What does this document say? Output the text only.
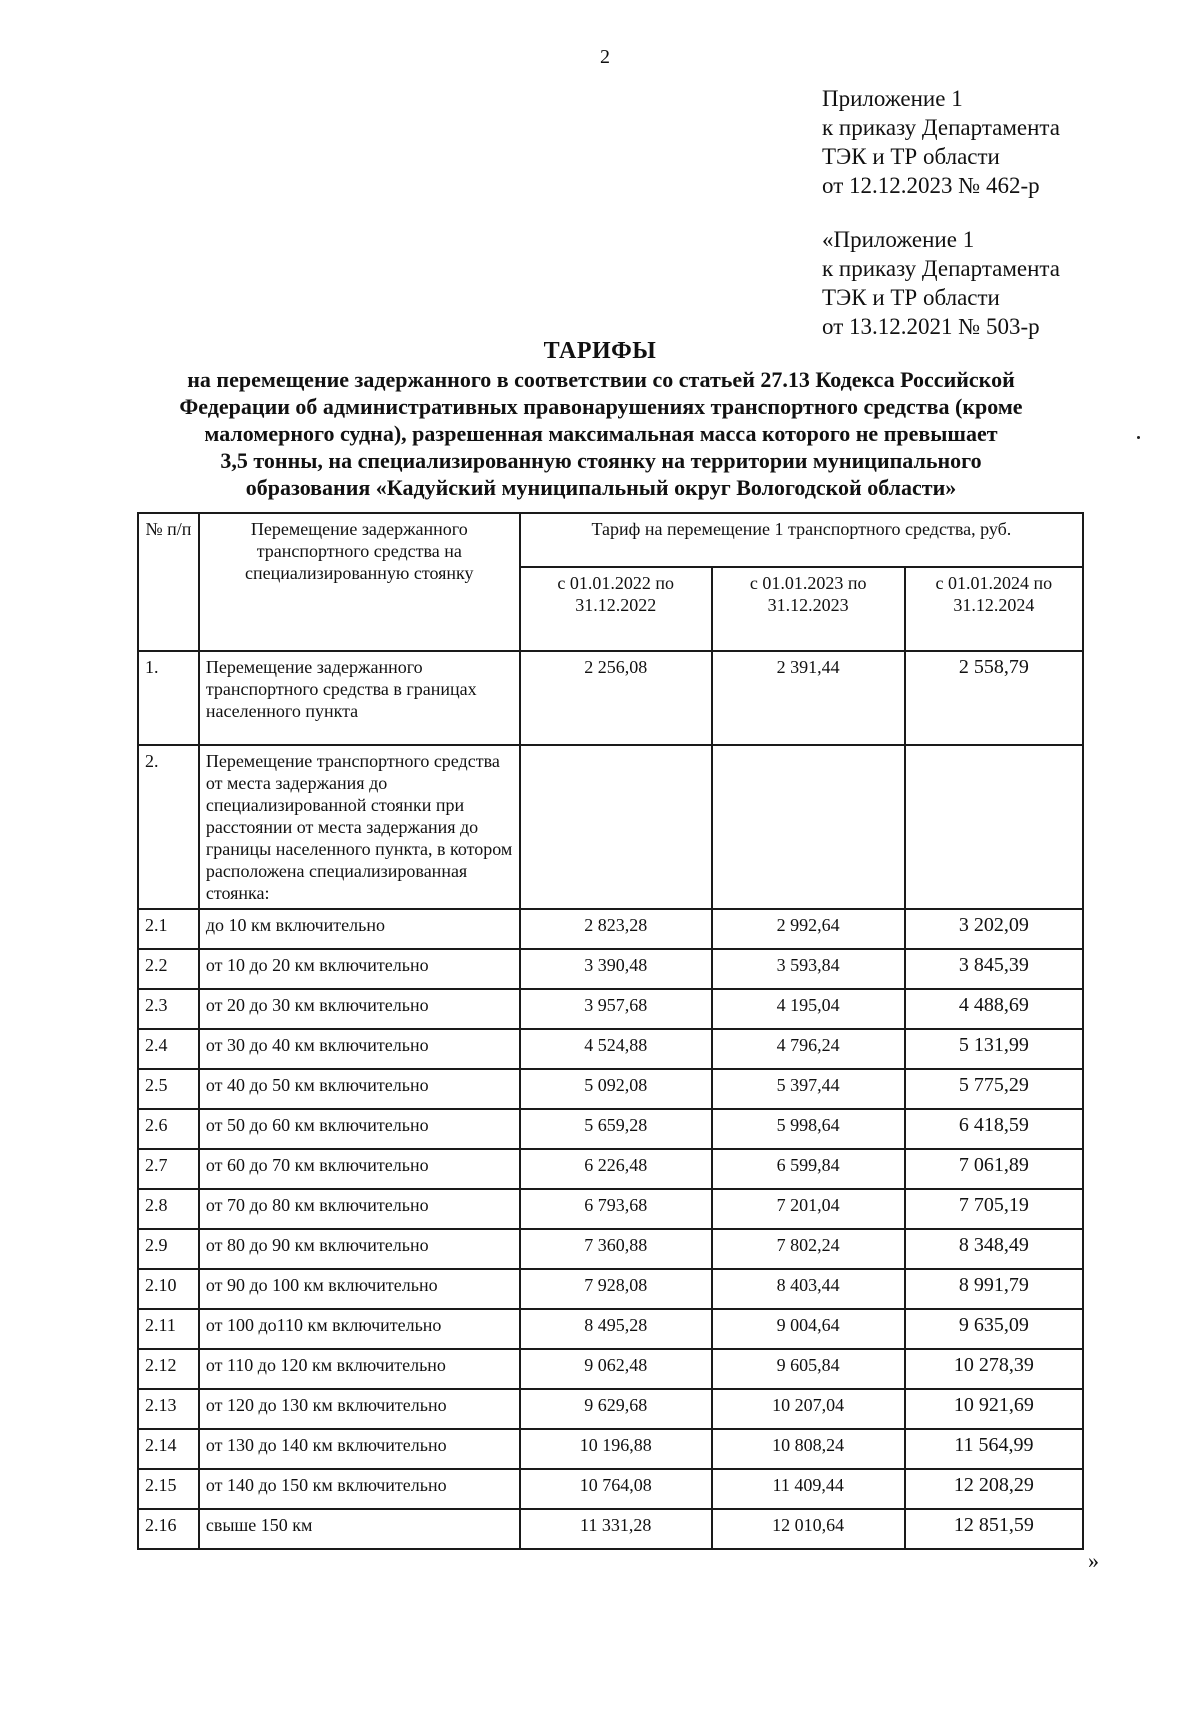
2
Приложение 1
к приказу Департамента
ТЭК и ТР области
от 12.12.2023 № 462-р
«Приложение 1
к приказу Департамента
ТЭК и ТР области
от 13.12.2021 № 503-р
ТАРИФЫ
на перемещение задержанного в соответствии со статьей 27.13 Кодекса Российской
Федерации об административных правонарушениях транспортного средства (кроме
маломерного судна), разрешенная максимальная масса которого не превышает
3,5 тонны, на специализированную стоянку на территории муниципального
образования «Кадуйский муниципальный округ Вологодской области»
№ п/п	Перемещение задержанного транспортного средства на специализированную стоянку	Тариф на перемещение 1 транспортного средства, руб.		
		с 01.01.2022 по 31.12.2022	с 01.01.2023 по 31.12.2023	с 01.01.2024 по 31.12.2024
1.	Перемещение задержанного транспортного средства в границах населенного пункта	2 256,08	2 391,44	2 558,79
2.	Перемещение транспортного средства от места задержания до специализированной стоянки при расстоянии от места задержания до границы населенного пункта, в котором расположена специализированная стоянка:			
2.1	до 10 км включительно	2 823,28	2 992,64	3 202,09
2.2	от 10 до 20 км включительно	3 390,48	3 593,84	3 845,39
2.3	от 20 до 30 км включительно	3 957,68	4 195,04	4 488,69
2.4	от 30 до 40 км включительно	4 524,88	4 796,24	5 131,99
2.5	от 40 до 50 км включительно	5 092,08	5 397,44	5 775,29
2.6	от 50 до 60 км включительно	5 659,28	5 998,64	6 418,59
2.7	от 60 до 70 км включительно	6 226,48	6 599,84	7 061,89
2.8	от 70 до 80 км включительно	6 793,68	7 201,04	7 705,19
2.9	от 80 до 90 км включительно	7 360,88	7 802,24	8 348,49
2.10	от 90 до 100 км включительно	7 928,08	8 403,44	8 991,79
2.11	от 100 до110 км включительно	8 495,28	9 004,64	9 635,09
2.12	от 110 до 120 км включительно	9 062,48	9 605,84	10 278,39
2.13	от 120 до 130 км включительно	9 629,68	10 207,04	10 921,69
2.14	от 130 до 140 км включительно	10 196,88	10 808,24	11 564,99
2.15	от 140 до 150 км включительно	10 764,08	11 409,44	12 208,29
2.16	свыше 150 км	11 331,28	12 010,64	12 851,59
»
